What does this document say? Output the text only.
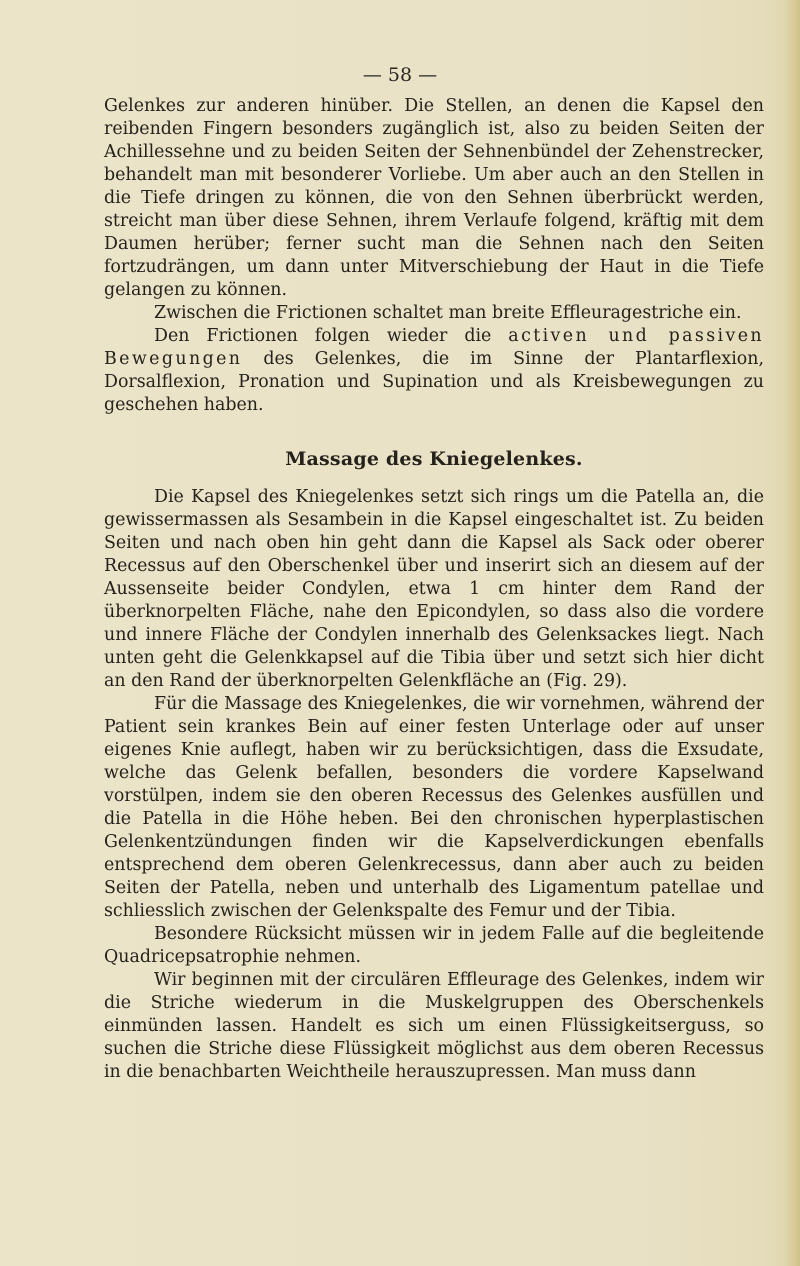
— 58 —

Gelenkes zur anderen hinüber. Die Stellen, an denen die Kapsel den reibenden Fingern besonders zugänglich ist, also zu beiden Seiten der Achillessehne und zu beiden Seiten der Sehnenbündel der Zehenstrecker, behandelt man mit besonderer Vorliebe. Um aber auch an den Stellen in die Tiefe dringen zu können, die von den Sehnen überbrückt werden, streicht man über diese Sehnen, ihrem Verlaufe folgend, kräftig mit dem Daumen herüber; ferner sucht man die Sehnen nach den Seiten fortzudrängen, um dann unter Mitverschiebung der Haut in die Tiefe gelangen zu können.

Zwischen die Frictionen schaltet man breite Effleuragestriche ein.

Den Frictionen folgen wieder die activen und passiven Bewegungen des Gelenkes, die im Sinne der Plantarflexion, Dorsalflexion, Pronation und Supination und als Kreisbewegungen zu geschehen haben.

Massage des Kniegelenkes.

Die Kapsel des Kniegelenkes setzt sich rings um die Patella an, die gewissermassen als Sesambein in die Kapsel eingeschaltet ist. Zu beiden Seiten und nach oben hin geht dann die Kapsel als Sack oder oberer Recessus auf den Oberschenkel über und inserirt sich an diesem auf der Aussenseite beider Condylen, etwa 1 cm hinter dem Rand der überknorpelten Fläche, nahe den Epicondylen, so dass also die vordere und innere Fläche der Condylen innerhalb des Gelenksackes liegt. Nach unten geht die Gelenkkapsel auf die Tibia über und setzt sich hier dicht an den Rand der überknorpelten Gelenkfläche an (Fig. 29).

Für die Massage des Kniegelenkes, die wir vornehmen, während der Patient sein krankes Bein auf einer festen Unterlage oder auf unser eigenes Knie auflegt, haben wir zu berücksichtigen, dass die Exsudate, welche das Gelenk befallen, besonders die vordere Kapselwand vorstülpen, indem sie den oberen Recessus des Gelenkes ausfüllen und die Patella in die Höhe heben. Bei den chronischen hyperplastischen Gelenkentzündungen finden wir die Kapselverdickungen ebenfalls entsprechend dem oberen Gelenkrecessus, dann aber auch zu beiden Seiten der Patella, neben und unterhalb des Ligamentum patellae und schliesslich zwischen der Gelenkspalte des Femur und der Tibia.

Besondere Rücksicht müssen wir in jedem Falle auf die begleitende Quadricepsatrophie nehmen.

Wir beginnen mit der circulären Effleurage des Gelenkes, indem wir die Striche wiederum in die Muskelgruppen des Oberschenkels einmünden lassen. Handelt es sich um einen Flüssigkeitserguss, so suchen die Striche diese Flüssigkeit möglichst aus dem oberen Recessus in die benachbarten Weichtheile herauszupressen. Man muss dann
